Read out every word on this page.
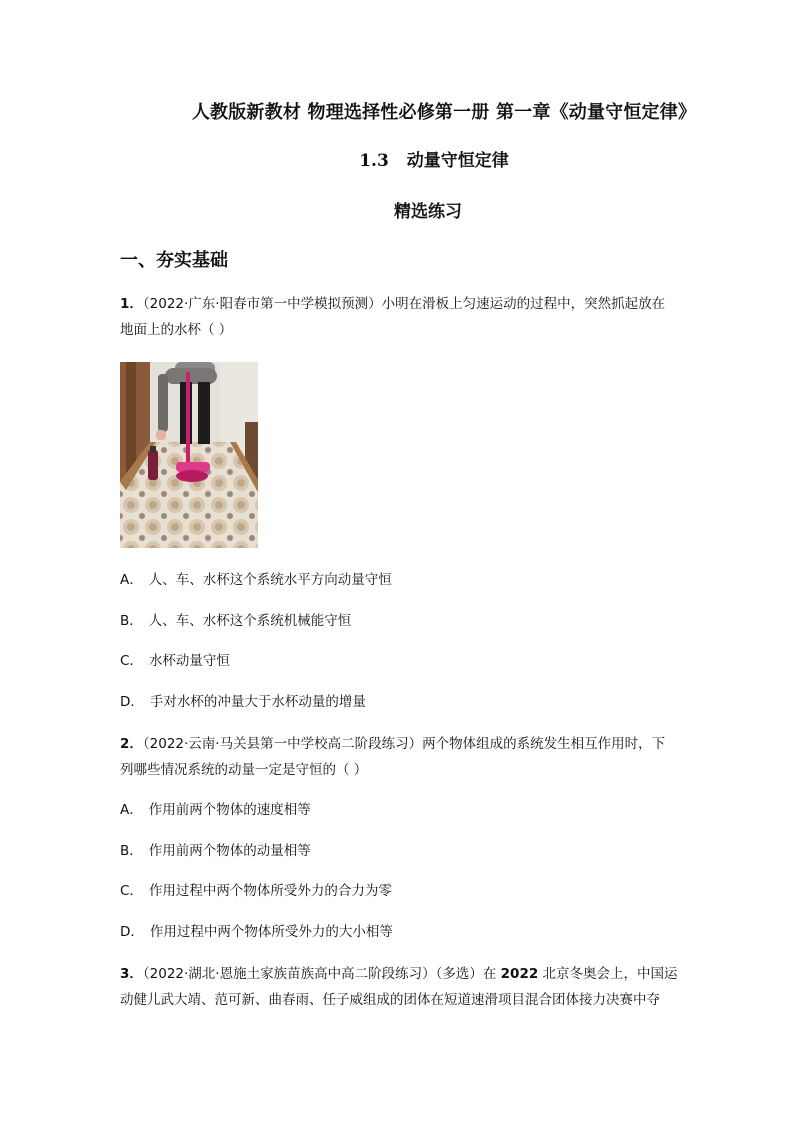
人教版新教材 物理选择性必修第一册 第一章《动量守恒定律》
1.3 动量守恒定律
精选练习
一、夯实基础
1．（2022·广东·阳春市第一中学模拟预测）小明在滑板上匀速运动的过程中，突然抓起放在
地面上的水杯（ ）
A． 人、车、水杯这个系统水平方向动量守恒
B． 人、车、水杯这个系统机械能守恒
C． 水杯动量守恒
D． 手对水杯的冲量大于水杯动量的增量
2．（2022·云南·马关县第一中学校高二阶段练习）两个物体组成的系统发生相互作用时，下
列哪些情况系统的动量一定是守恒的（ ）
A． 作用前两个物体的速度相等
B． 作用前两个物体的动量相等
C． 作用过程中两个物体所受外力的合力为零
D． 作用过程中两个物体所受外力的大小相等
3．（2022·湖北·恩施土家族苗族高中高二阶段练习）（多选）在 2022 北京冬奥会上，中国运
动健儿武大靖、范可新、曲春雨、任子威组成的团体在短道速滑项目混合团体接力决赛中夺
